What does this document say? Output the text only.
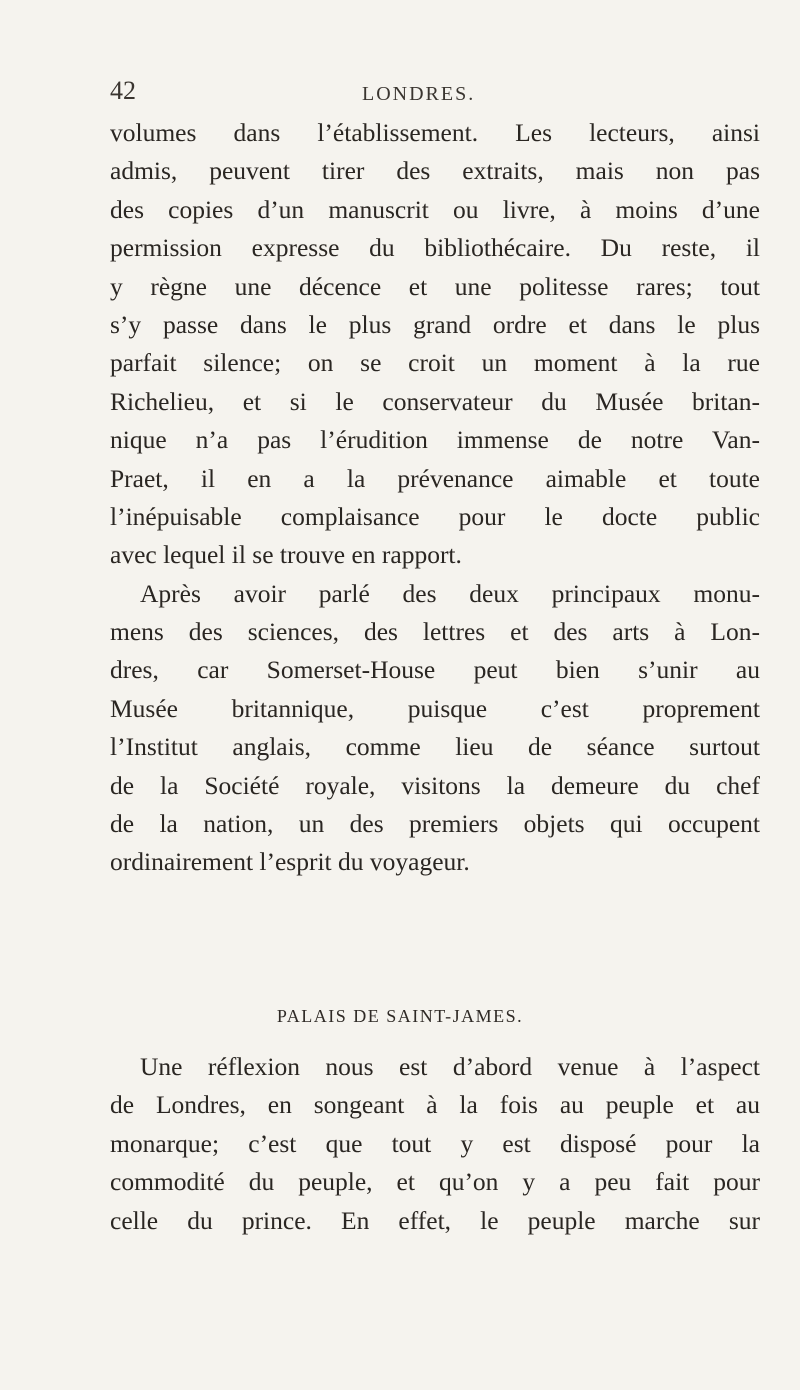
42	LONDRES.
volumes dans l’établissement. Les lecteurs, ainsi
admis, peuvent tirer des extraits, mais non pas
des copies d’un manuscrit ou livre, à moins d’une
permission expresse du bibliothécaire. Du reste, il
y règne une décence et une politesse rares; tout
s’y passe dans le plus grand ordre et dans le plus
parfait silence; on se croit un moment à la rue
Richelieu, et si le conservateur du Musée britan-
nique n’a pas l’érudition immense de notre Van-
Praet, il en a la prévenance aimable et toute
l’inépuisable complaisance pour le docte public
avec lequel il se trouve en rapport.
Après avoir parlé des deux principaux monu-
mens des sciences, des lettres et des arts à Lon-
dres, car Somerset-House peut bien s’unir au
Musée britannique, puisque c’est proprement
l’Institut anglais, comme lieu de séance surtout
de la Société royale, visitons la demeure du chef
de la nation, un des premiers objets qui occupent
ordinairement l’esprit du voyageur.
PALAIS DE SAINT-JAMES.
Une réflexion nous est d’abord venue à l’aspect
de Londres, en songeant à la fois au peuple et au
monarque; c’est que tout y est disposé pour la
commodité du peuple, et qu’on y a peu fait pour
celle du prince. En effet, le peuple marche sur
